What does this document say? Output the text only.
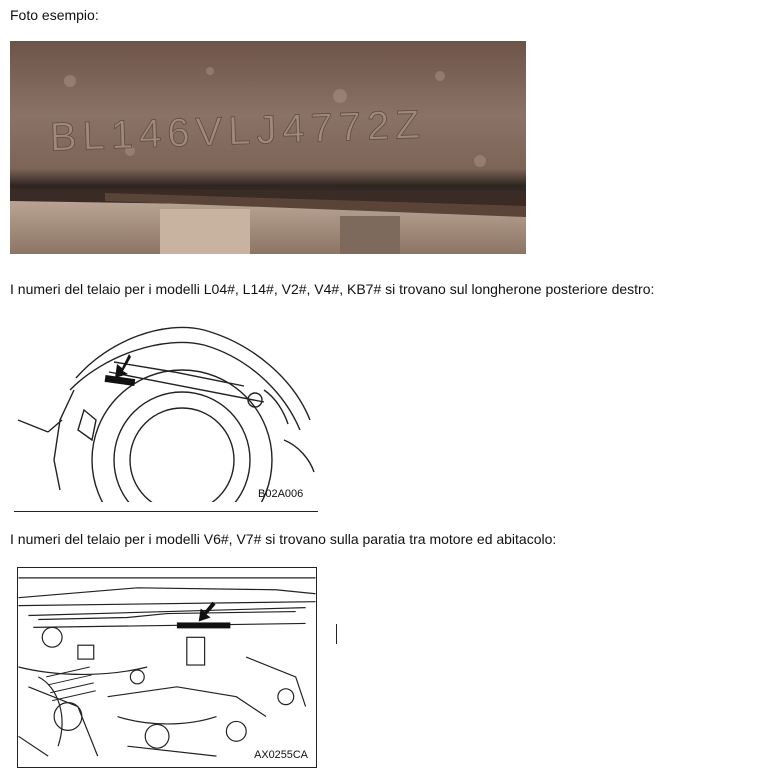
Foto esempio:
BL146VLJ4772Z
I numeri del telaio per i modelli L04#, L14#, V2#, V4#, KB7# si trovano sul longherone posteriore destro:
B02A006
I numeri del telaio per i modelli V6#, V7# si trovano sulla paratia tra motore ed abitacolo:
AX0255CA
